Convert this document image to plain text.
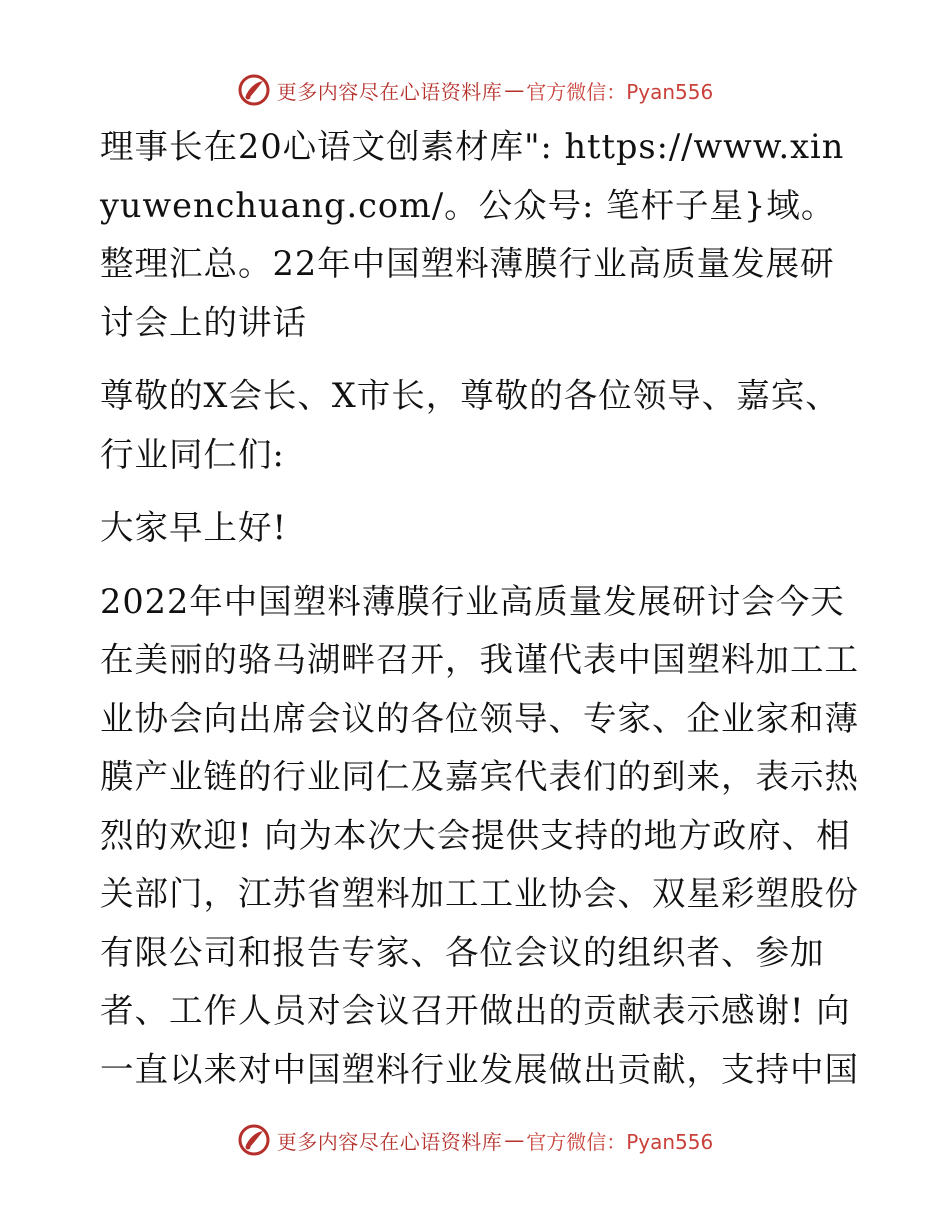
更多内容尽在心语资料库 — 官方微信：Pyan556

理事长在20心语文创素材库": https://www.xinyuwenchuang.com/。公众号: 笔杆子星}域。整理汇总。22年中国塑料薄膜行业高质量发展研讨会上的讲话

尊敬的X会长、X市长，尊敬的各位领导、嘉宾、行业同仁们:

大家早上好!

2022年中国塑料薄膜行业高质量发展研讨会今天在美丽的骆马湖畔召开，我谨代表中国塑料加工工业协会向出席会议的各位领导、专家、企业家和薄膜产业链的行业同仁及嘉宾代表们的到来，表示热烈的欢迎! 向为本次大会提供支持的地方政府、相关部门，江苏省塑料加工工业协会、双星彩塑股份有限公司和报告专家、各位会议的组织者、参加者、工作人员对会议召开做出的贡献表示感谢! 向一直以来对中国塑料行业发展做出贡献，支持中国

更多内容尽在心语资料库 — 官方微信：Pyan556
